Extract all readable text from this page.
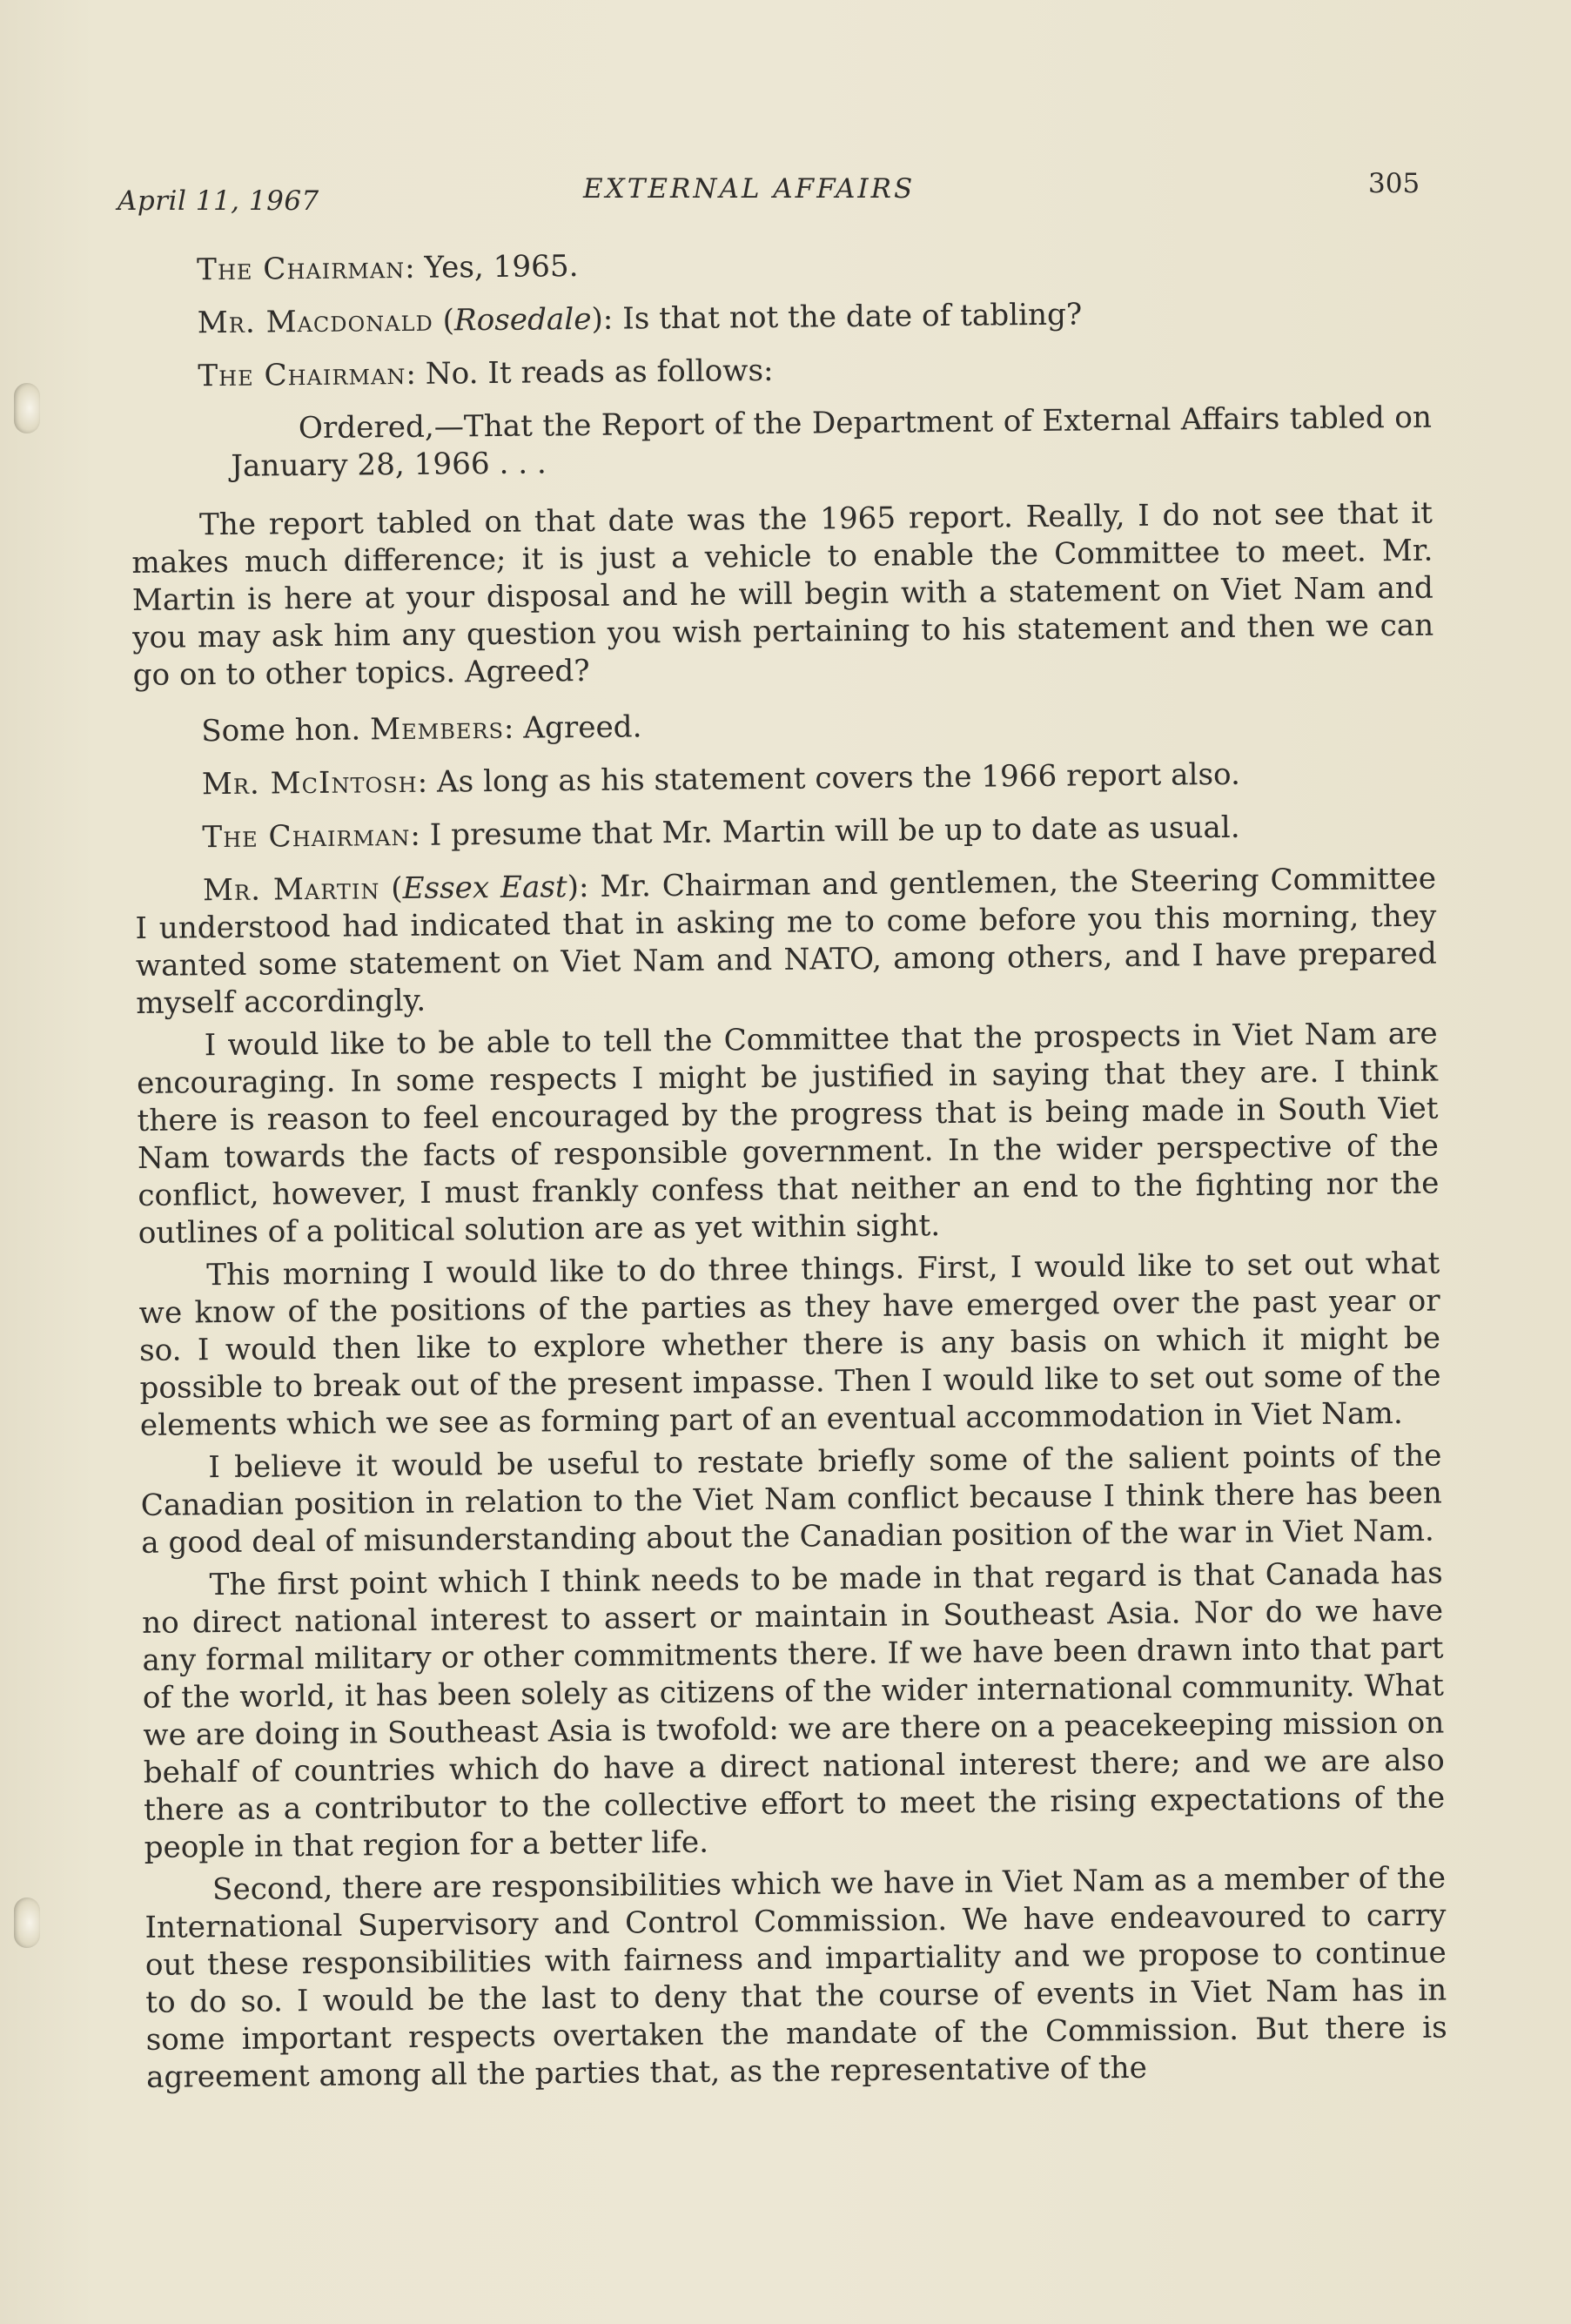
April 11, 1967	EXTERNAL AFFAIRS	305

The Chairman: Yes, 1965.

Mr. Macdonald (Rosedale): Is that not the date of tabling?

The Chairman: No. It reads as follows:

Ordered,—That the Report of the Department of External Affairs tabled on January 28, 1966 . . .

The report tabled on that date was the 1965 report. Really, I do not see that it makes much difference; it is just a vehicle to enable the Committee to meet. Mr. Martin is here at your disposal and he will begin with a statement on Viet Nam and you may ask him any question you wish pertaining to his statement and then we can go on to other topics. Agreed?

Some hon. Members: Agreed.

Mr. McIntosh: As long as his statement covers the 1966 report also.

The Chairman: I presume that Mr. Martin will be up to date as usual.

Mr. Martin (Essex East): Mr. Chairman and gentlemen, the Steering Committee I understood had indicated that in asking me to come before you this morning, they wanted some statement on Viet Nam and NATO, among others, and I have prepared myself accordingly.

I would like to be able to tell the Committee that the prospects in Viet Nam are encouraging. In some respects I might be justified in saying that they are. I think there is reason to feel encouraged by the progress that is being made in South Viet Nam towards the facts of responsible government. In the wider perspective of the conflict, however, I must frankly confess that neither an end to the fighting nor the outlines of a political solution are as yet within sight.

This morning I would like to do three things. First, I would like to set out what we know of the positions of the parties as they have emerged over the past year or so. I would then like to explore whether there is any basis on which it might be possible to break out of the present impasse. Then I would like to set out some of the elements which we see as forming part of an eventual accommodation in Viet Nam.

I believe it would be useful to restate briefly some of the salient points of the Canadian position in relation to the Viet Nam conflict because I think there has been a good deal of misunderstanding about the Canadian position of the war in Viet Nam.

The first point which I think needs to be made in that regard is that Canada has no direct national interest to assert or maintain in Southeast Asia. Nor do we have any formal military or other commitments there. If we have been drawn into that part of the world, it has been solely as citizens of the wider international community. What we are doing in Southeast Asia is twofold: we are there on a peacekeeping mission on behalf of countries which do have a direct national interest there; and we are also there as a contributor to the collective effort to meet the rising expectations of the people in that region for a better life.

Second, there are responsibilities which we have in Viet Nam as a member of the International Supervisory and Control Commission. We have endeavoured to carry out these responsibilities with fairness and impartiality and we propose to continue to do so. I would be the last to deny that the course of events in Viet Nam has in some important respects overtaken the mandate of the Commission. But there is agreement among all the parties that, as the representative of the
